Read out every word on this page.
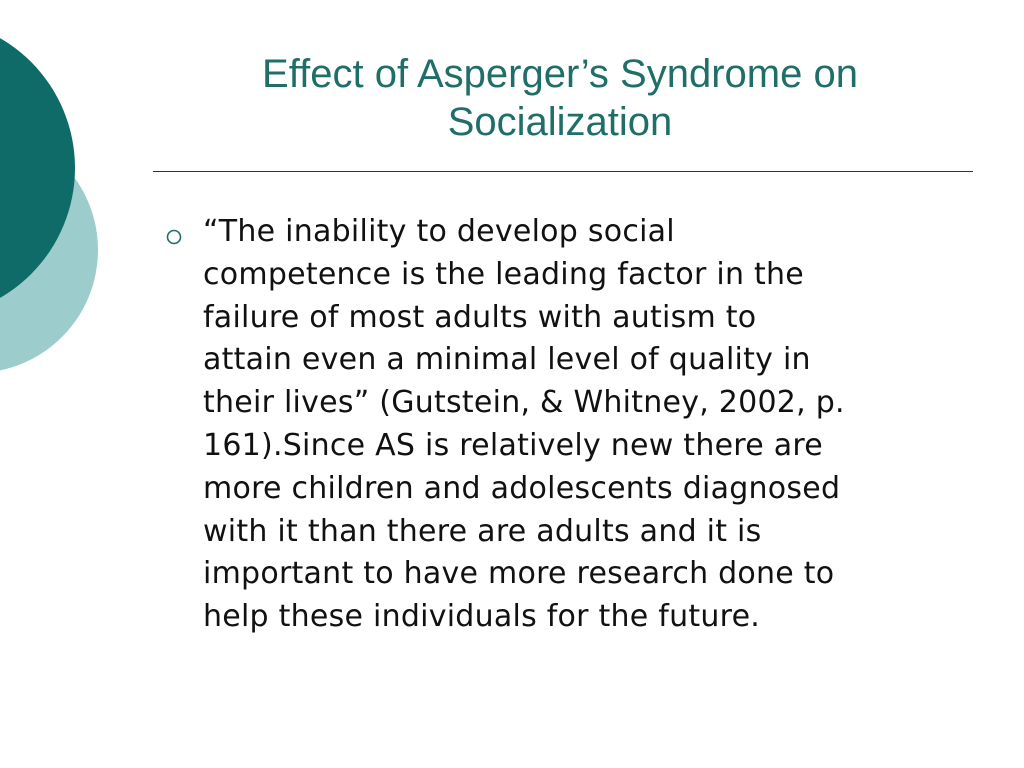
Effect of Asperger’s Syndrome on
Socialization

“The inability to develop social
competence is the leading factor in the
failure of most adults with autism to
attain even a minimal level of quality in
their lives” (Gutstein, & Whitney, 2002, p.
161).Since AS is relatively new there are
more children and adolescents diagnosed
with it than there are adults and it is
important to have more research done to
help these individuals for the future.
